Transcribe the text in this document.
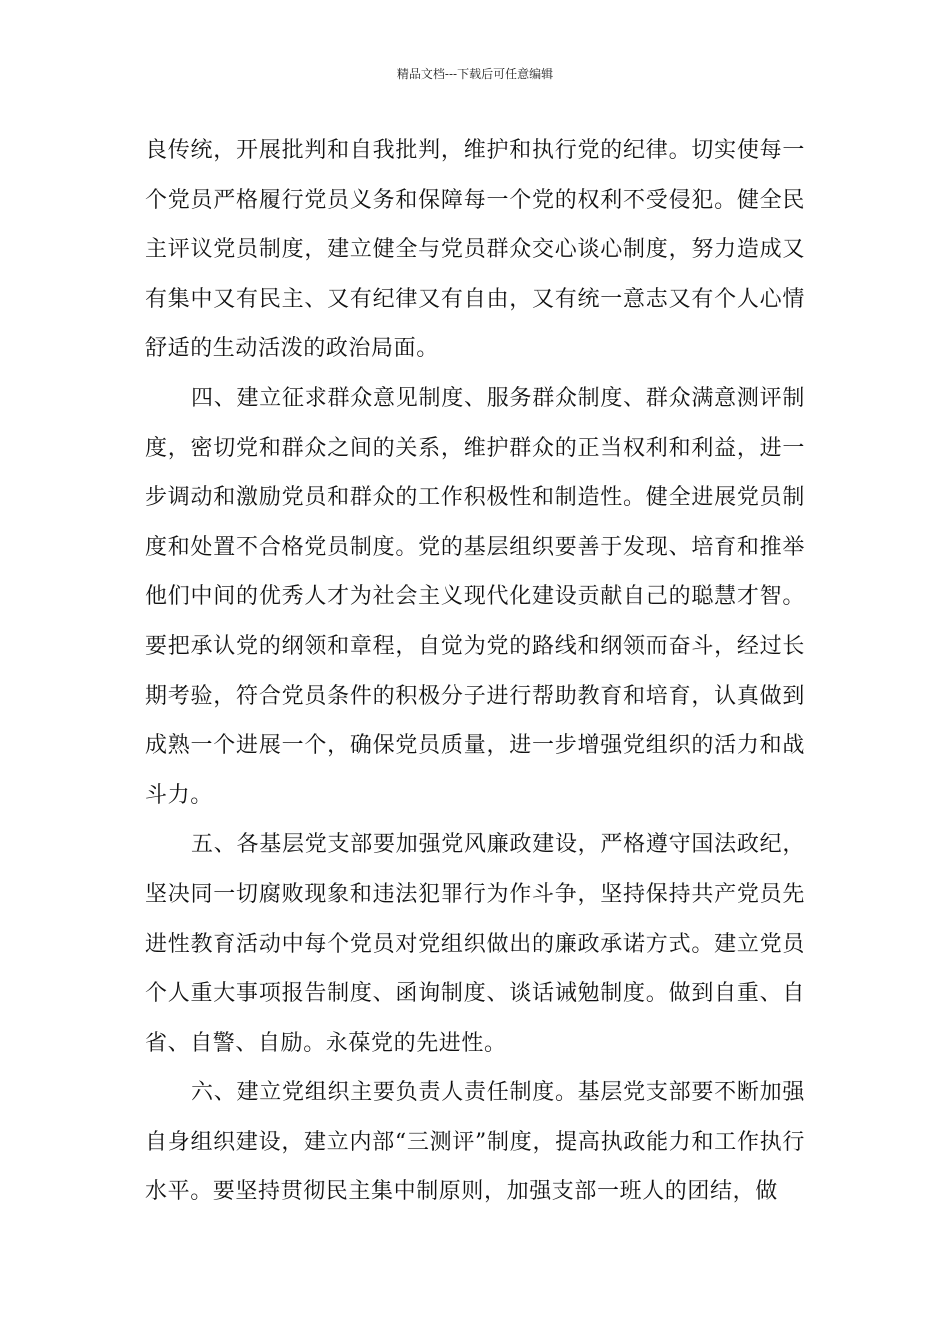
精品文档---下载后可任意编辑

良传统，开展批判和自我批判，维护和执行党的纪律。切实使每一个党员严格履行党员义务和保障每一个党的权利不受侵犯。健全民主评议党员制度，建立健全与党员群众交心谈心制度，努力造成又有集中又有民主、又有纪律又有自由，又有统一意志又有个人心情舒适的生动活泼的政治局面。

四、建立征求群众意见制度、服务群众制度、群众满意测评制度，密切党和群众之间的关系，维护群众的正当权利和利益，进一步调动和激励党员和群众的工作积极性和制造性。健全进展党员制度和处置不合格党员制度。党的基层组织要善于发现、培育和推举他们中间的优秀人才为社会主义现代化建设贡献自己的聪慧才智。要把承认党的纲领和章程，自觉为党的路线和纲领而奋斗，经过长期考验，符合党员条件的积极分子进行帮助教育和培育，认真做到成熟一个进展一个，确保党员质量，进一步增强党组织的活力和战斗力。

五、各基层党支部要加强党风廉政建设，严格遵守国法政纪，坚决同一切腐败现象和违法犯罪行为作斗争，坚持保持共产党员先进性教育活动中每个党员对党组织做出的廉政承诺方式。建立党员个人重大事项报告制度、函询制度、谈话诫勉制度。做到自重、自省、自警、自励。永葆党的先进性。

六、建立党组织主要负责人责任制度。基层党支部要不断加强自身组织建设，建立内部“三测评”制度，提高执政能力和工作执行水平。要坚持贯彻民主集中制原则，加强支部一班人的团结，做
